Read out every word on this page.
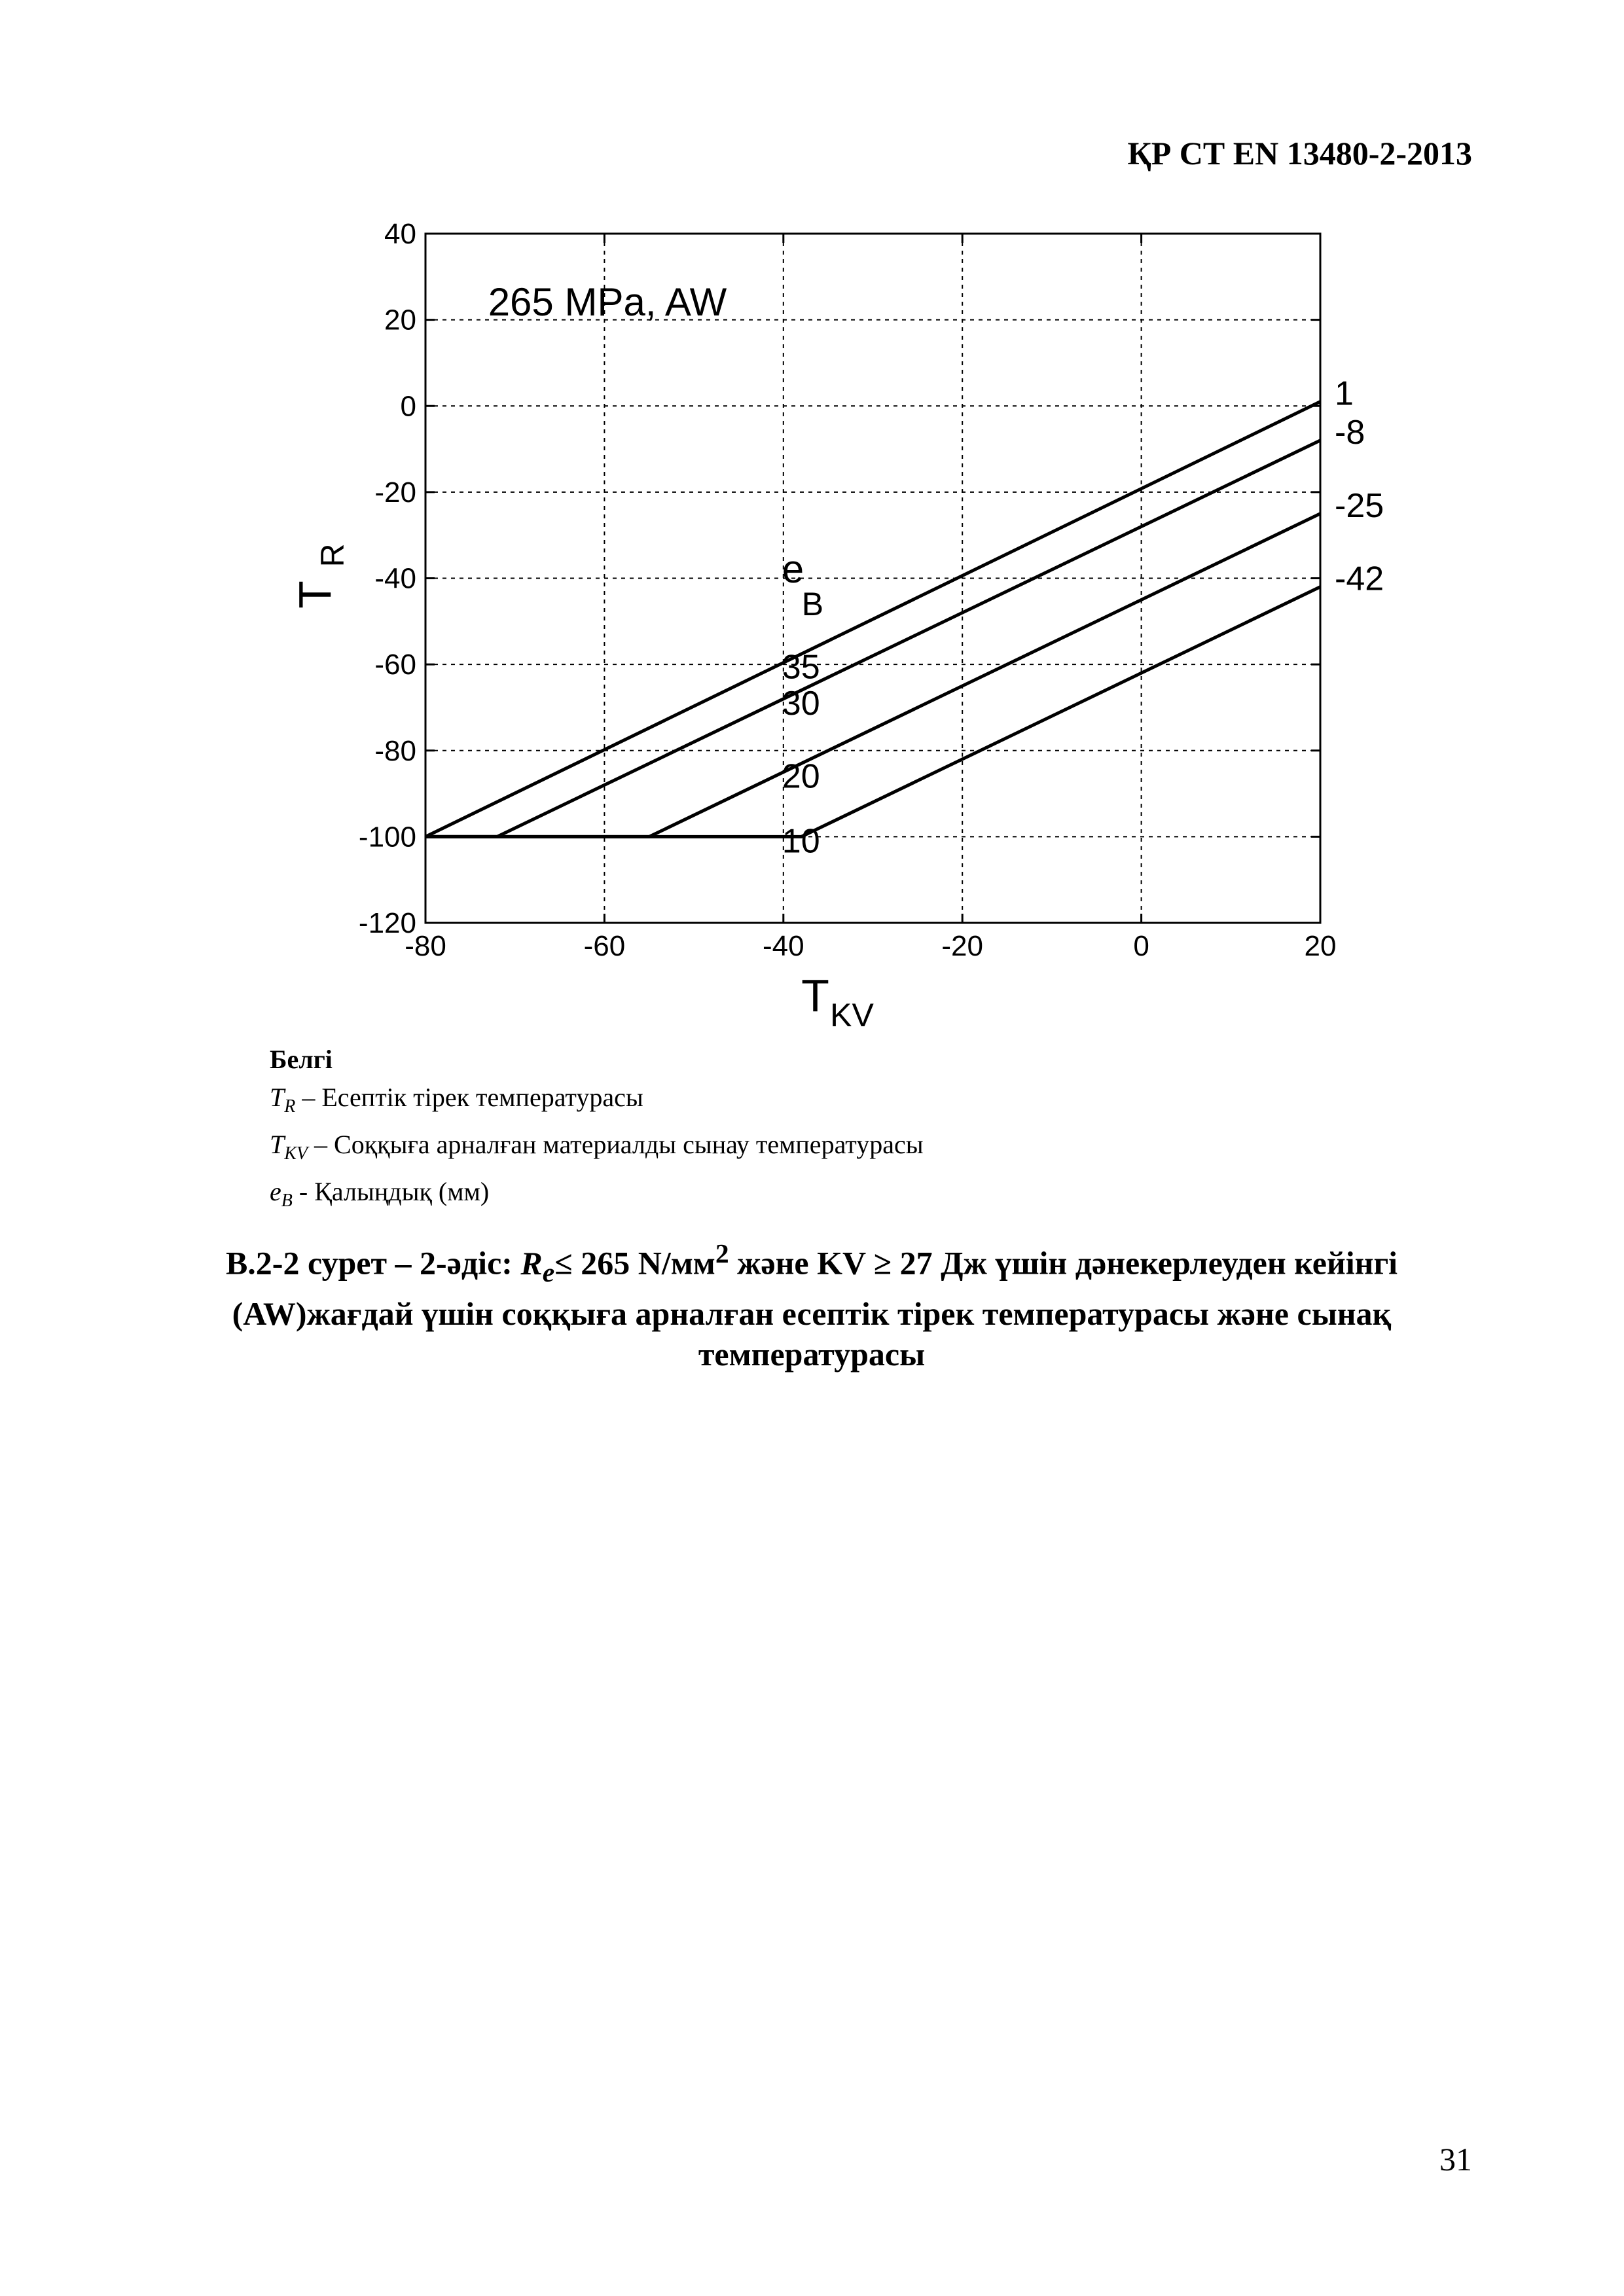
ҚР СТ EN 13480-2-2013
-80	-60	-40	-20	0	20
-120
-100
-80
-60
-40
-20
0
20
40
35
1
30
-8
20
-25
10
-42
265 MPa, AW
T
R
T KV
e
B
Белгі
$T_R$ – Есептік тірек температурасы
$T_{KV}$ – Соққыға арналған материалды сынау температурасы
$e_B$ - Қалыңдық (мм)
В.2-2 сурет – 2-әдіс: $R_e\le 265$ $N/мм^2$ және KV ≥ 27 Дж үшін дәнекерлеуден кейінгі (AW)жағдай үшін соққыға арналған есептік тірек температурасы және сынақ температурасы
31
